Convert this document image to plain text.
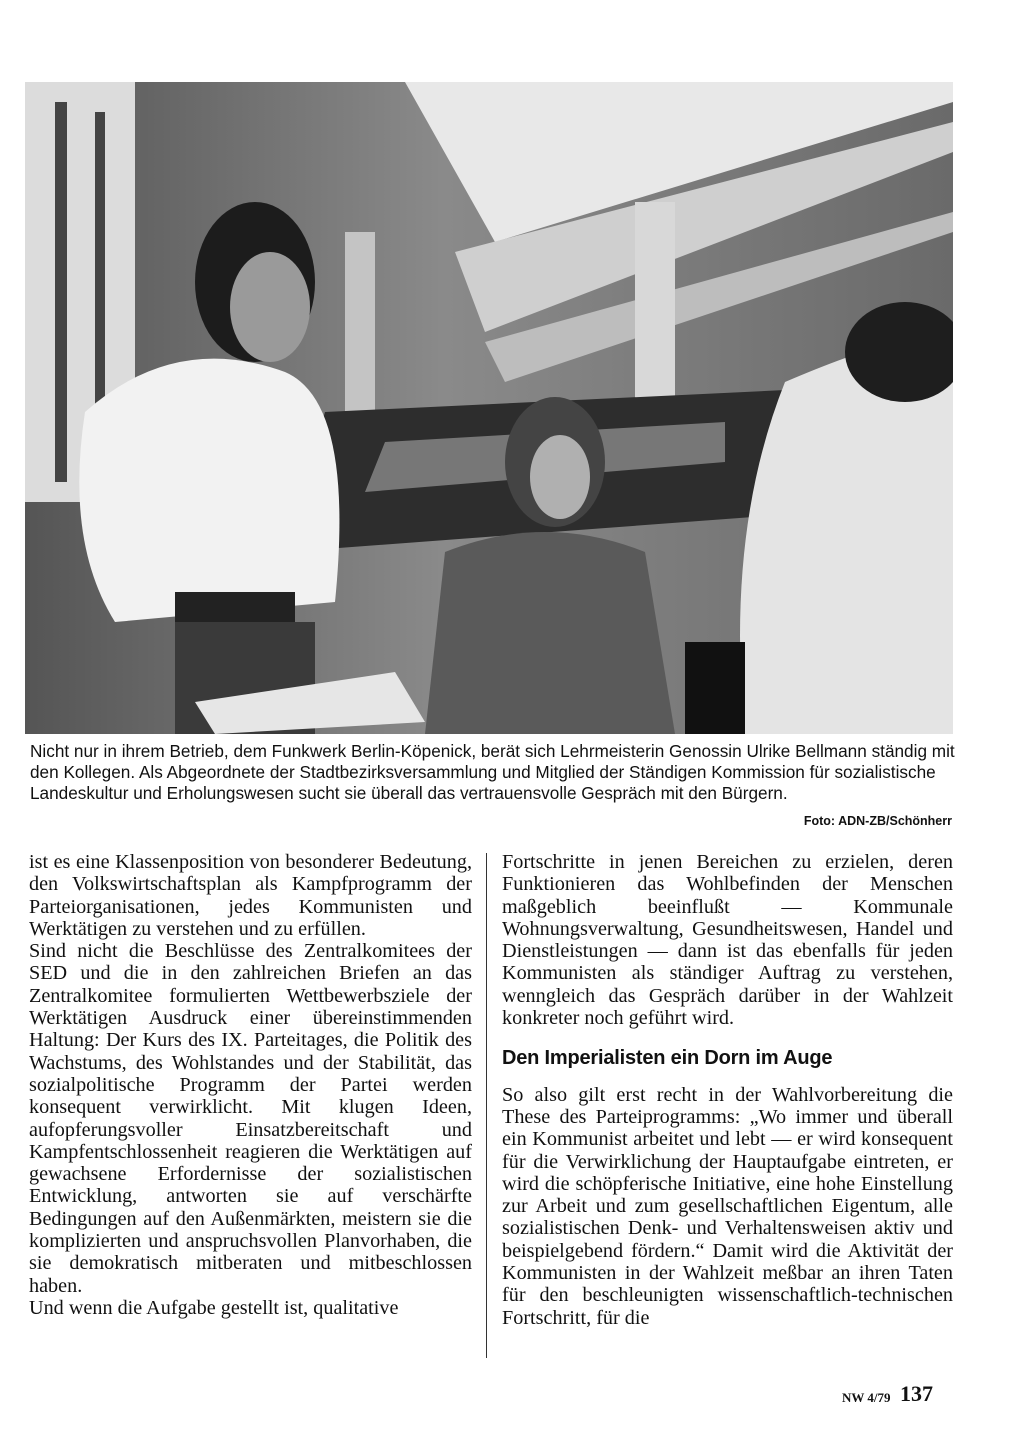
Nicht nur in ihrem Betrieb, dem Funkwerk Berlin-Köpenick, berät sich Lehrmeisterin Genossin Ulrike Bellmann ständig mit den Kollegen. Als Abgeordnete der Stadtbezirksversammlung und Mitglied der Ständigen Kommission für sozialistische Landeskultur und Erholungswesen sucht sie überall das vertrauensvolle Gespräch mit den Bürgern.
Foto: ADN-ZB/Schönherr

ist es eine Klassenposition von besonderer Bedeutung, den Volkswirtschaftsplan als Kampfprogramm der Parteiorganisationen, jedes Kommunisten und Werktätigen zu verstehen und zu erfüllen.

Sind nicht die Beschlüsse des Zentralkomitees der SED und die in den zahlreichen Briefen an das Zentralkomitee formulierten Wettbewerbsziele der Werktätigen Ausdruck einer übereinstimmenden Haltung: Der Kurs des IX. Parteitages, die Politik des Wachstums, des Wohlstandes und der Stabilität, das sozialpolitische Programm der Partei werden konsequent verwirklicht. Mit klugen Ideen, aufopferungsvoller Einsatzbereitschaft und Kampfentschlossenheit reagieren die Werktätigen auf gewachsene Erfordernisse der sozialistischen Entwicklung, antworten sie auf verschärfte Bedingungen auf den Außenmärkten, meistern sie die komplizierten und anspruchsvollen Planvorhaben, die sie demokratisch mitberaten und mitbeschlossen haben.

Und wenn die Aufgabe gestellt ist, qualitative

Fortschritte in jenen Bereichen zu erzielen, deren Funktionieren das Wohlbefinden der Menschen maßgeblich beeinflußt — Kommunale Wohnungsverwaltung, Gesundheitswesen, Handel und Dienstleistungen — dann ist das ebenfalls für jeden Kommunisten als ständiger Auftrag zu verstehen, wenngleich das Gespräch darüber in der Wahlzeit konkreter noch geführt wird.

Den Imperialisten ein Dorn im Auge

So also gilt erst recht in der Wahlvorbereitung die These des Parteiprogramms: „Wo immer und überall ein Kommunist arbeitet und lebt — er wird konsequent für die Verwirklichung der Hauptaufgabe eintreten, er wird die schöpferische Initiative, eine hohe Einstellung zur Arbeit und zum gesellschaftlichen Eigentum, alle sozialistischen Denk- und Verhaltensweisen aktiv und beispielgebend fördern.“ Damit wird die Aktivität der Kommunisten in der Wahlzeit meßbar an ihren Taten für den beschleunigten wissenschaftlich-technischen Fortschritt, für die

NW 4/79 137
